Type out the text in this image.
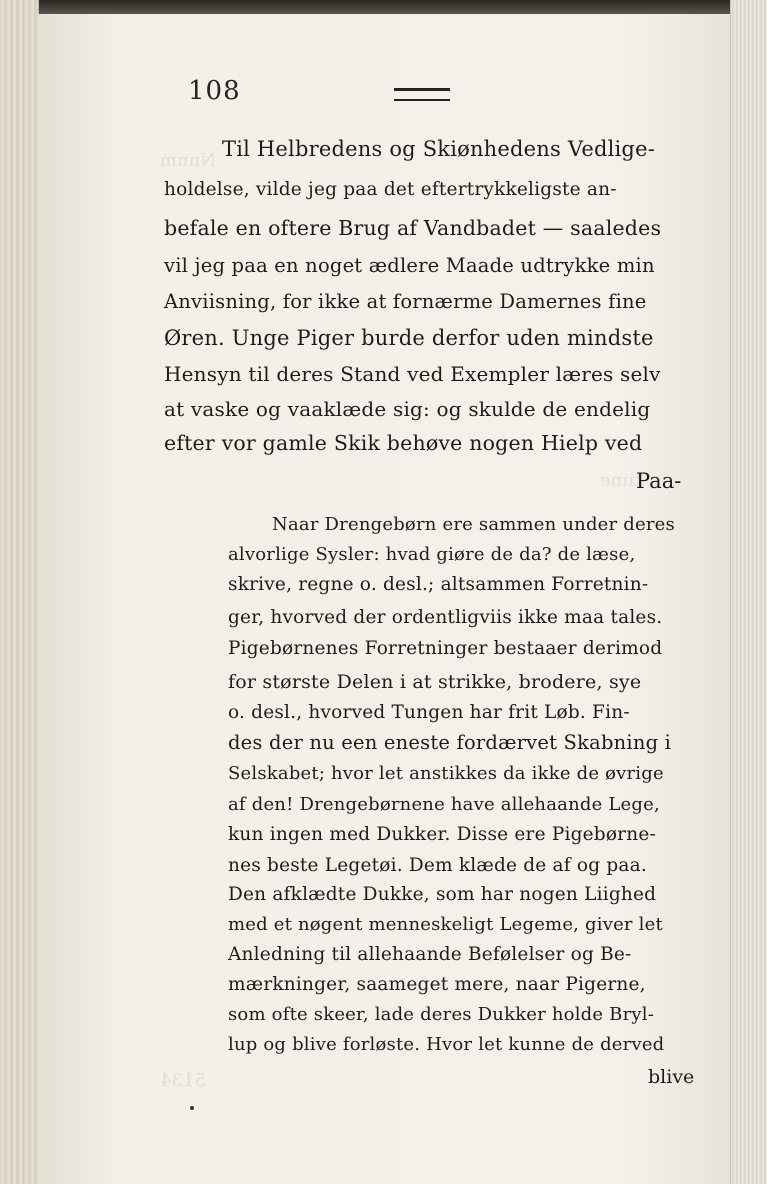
Nnnm
tune
5134
108
Til Helbredens og Skiønhedens Vedlige-
holdelse, vilde jeg paa det eftertrykkeligste an-
befale en oftere Brug af Vandbadet — saaledes
vil jeg paa en noget ædlere Maade udtrykke min
Anviisning, for ikke at fornærme Damernes fine
Øren. Unge Piger burde derfor uden mindste
Hensyn til deres Stand ved Exempler læres selv
at vaske og vaaklæde sig: og skulde de endelig
efter vor gamle Skik behøve nogen Hielp ved
Paa-
Naar Drengebørn ere sammen under deres
alvorlige Sysler: hvad giøre de da? de læse,
skrive, regne o. desl.; altsammen Forretnin-
ger, hvorved der ordentligviis ikke maa tales.
Pigebørnenes Forretninger bestaaer derimod
for største Delen i at strikke, brodere, sye
o. desl., hvorved Tungen har frit Løb. Fin-
des der nu een eneste fordærvet Skabning i
Selskabet; hvor let anstikkes da ikke de øvrige
af den! Drengebørnene have allehaande Lege,
kun ingen med Dukker. Disse ere Pigebørne-
nes beste Legetøi. Dem klæde de af og paa.
Den afklædte Dukke, som har nogen Liighed
med et nøgent menneskeligt Legeme, giver let
Anledning til allehaande Befølelser og Be-
mærkninger, saameget mere, naar Pigerne,
som ofte skeer, lade deres Dukker holde Bryl-
lup og blive forløste. Hvor let kunne de derved
blive
